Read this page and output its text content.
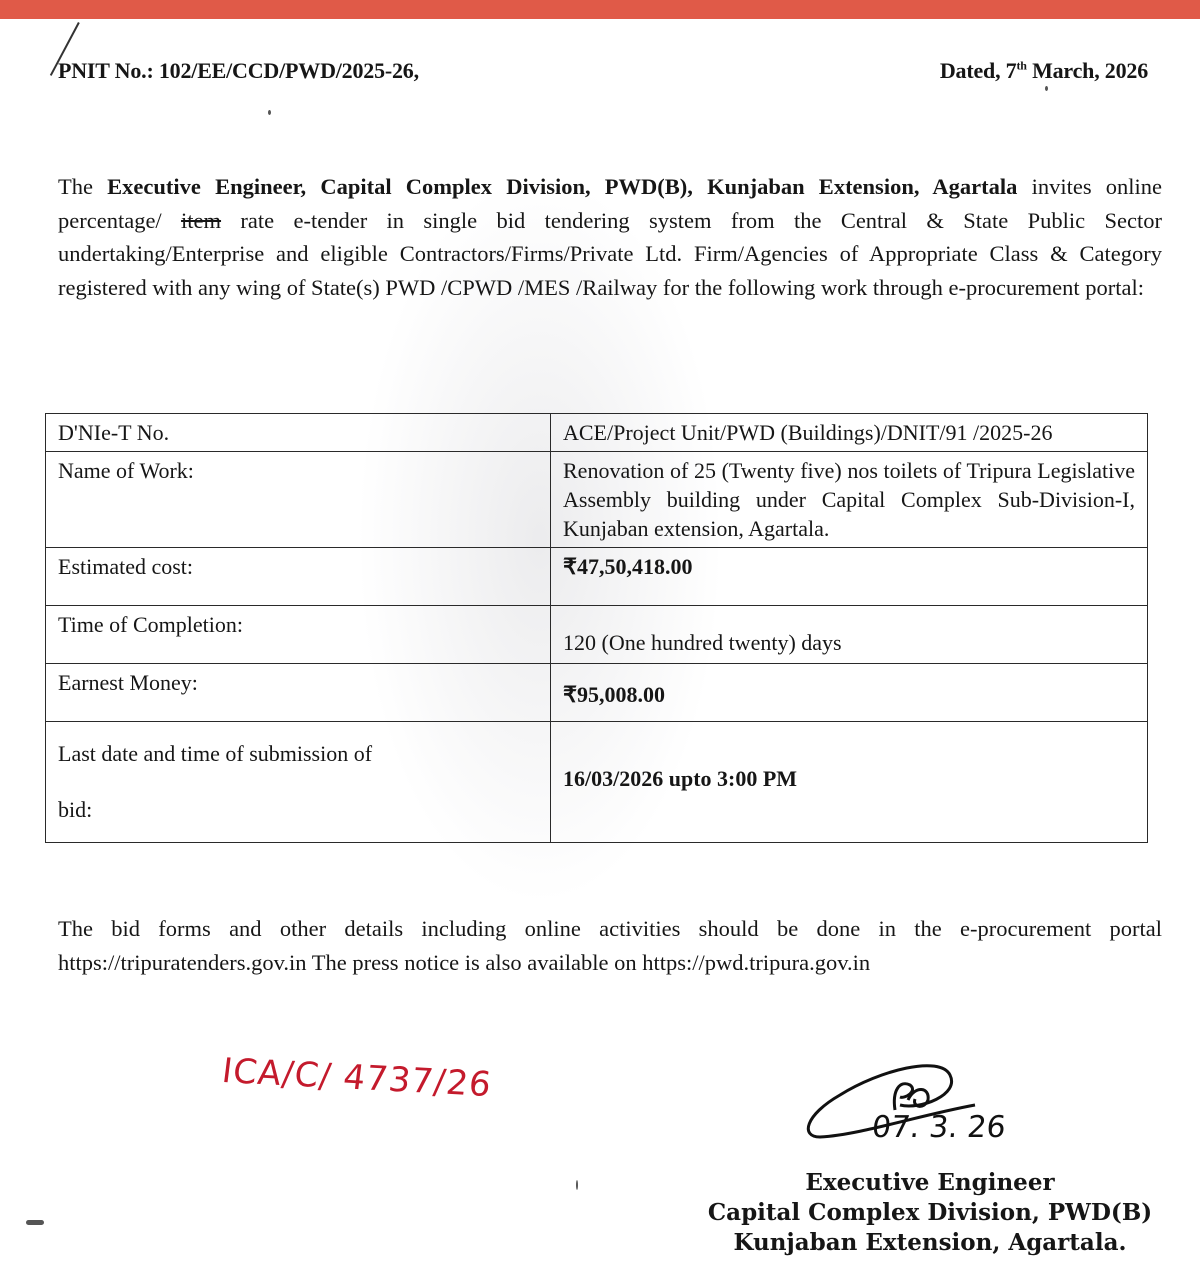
PNIT No.: 102/EE/CCD/PWD/2025-26,	Dated, 7th March, 2026

The Executive Engineer, Capital Complex Division, PWD(B), Kunjaban Extension, Agartala invites online percentage/ item rate e-tender in single bid tendering system from the Central & State Public Sector undertaking/Enterprise and eligible Contractors/Firms/Private Ltd. Firm/Agencies of Appropriate Class & Category registered with any wing of State(s) PWD /CPWD /MES /Railway for the following work through e-procurement portal:

D'NIe-T No.	ACE/Project Unit/PWD (Buildings)/DNIT/91 /2025-26
Name of Work:	Renovation of 25 (Twenty five) nos toilets of Tripura Legislative Assembly building under Capital Complex Sub-Division-I, Kunjaban extension, Agartala.
Estimated cost:	₹47,50,418.00
Time of Completion:	120 (One hundred twenty) days
Earnest Money:	₹95,008.00

Last date and time of submission of
bid:	16/03/2026 upto 3:00 PM

The bid forms and other details including online activities should be done in the e-procurement portal https://tripuratenders.gov.in The press notice is also available on https://pwd.tripura.gov.in

ICA/C/ 4737/26
07. 3. 26
Executive Engineer
Capital Complex Division, PWD(B)
Kunjaban Extension, Agartala.
